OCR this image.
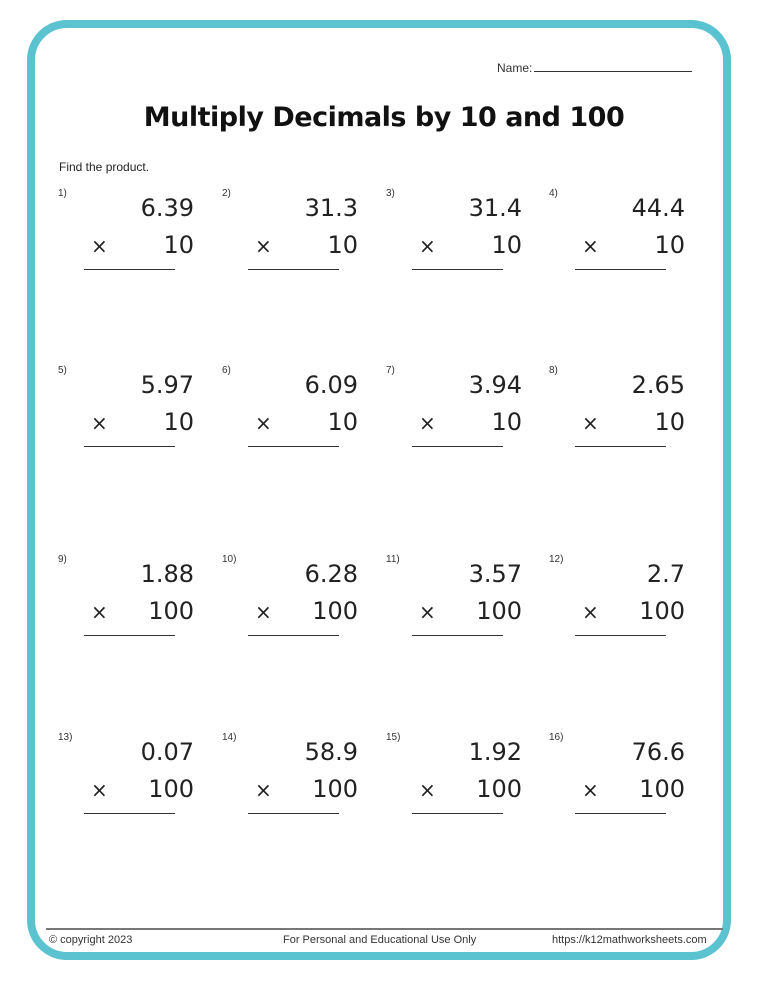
Name:
Multiply Decimals by 10 and 100
Find the product.
1)
6.39
× 10
2)
31.3
× 10
3)
31.4
× 10
4)
44.4
× 10
5)
5.97
× 10
6)
6.09
× 10
7)
3.94
× 10
8)
2.65
× 10
9)
1.88
× 100
10)
6.28
× 100
11)
3.57
× 100
12)
2.7
× 100
13)
0.07
× 100
14)
58.9
× 100
15)
1.92
× 100
16)
76.6
× 100
© copyright 2023	For Personal and Educational Use Only	https://k12mathworksheets.com
